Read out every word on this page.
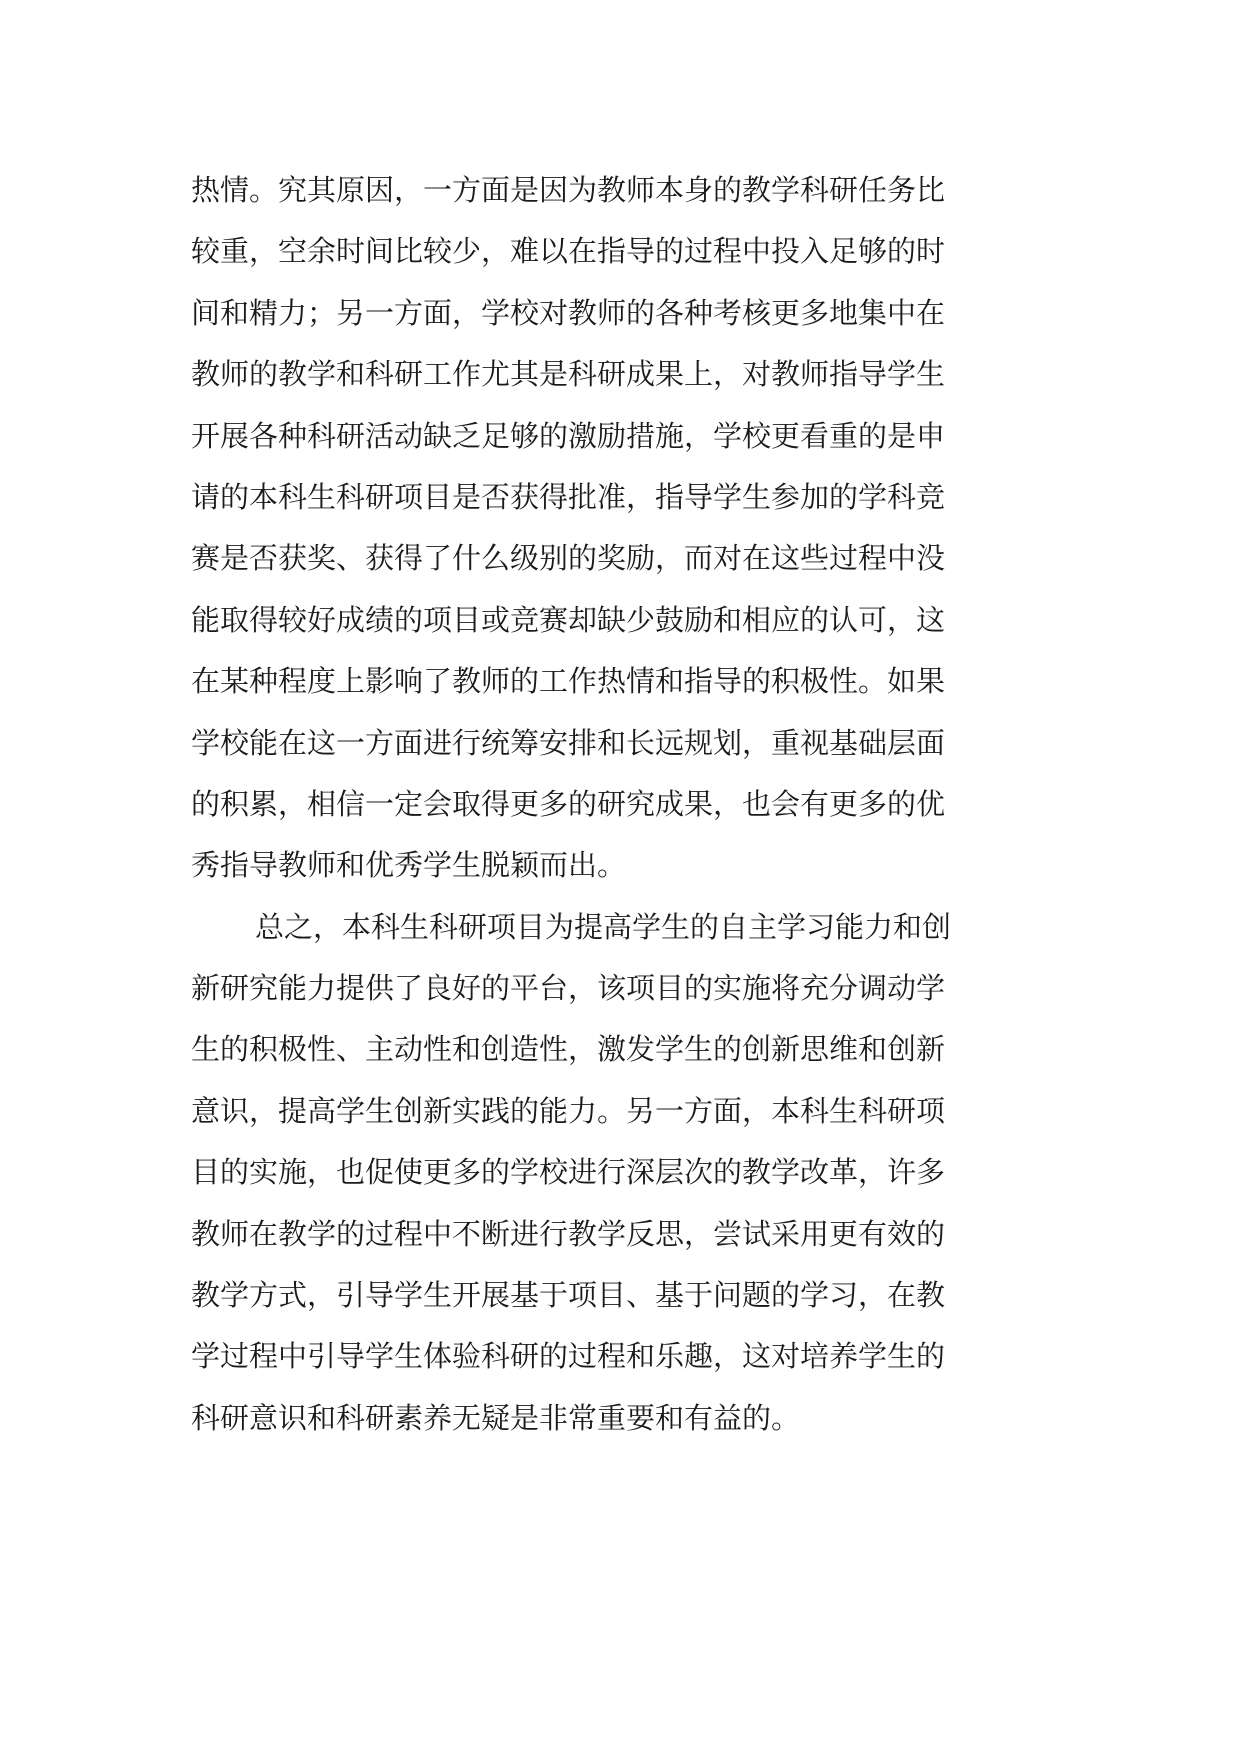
热情。究其原因，一方面是因为教师本身的教学科研任务比
较重，空余时间比较少，难以在指导的过程中投入足够的时
间和精力；另一方面，学校对教师的各种考核更多地集中在
教师的教学和科研工作尤其是科研成果上，对教师指导学生
开展各种科研活动缺乏足够的激励措施，学校更看重的是申
请的本科生科研项目是否获得批准，指导学生参加的学科竞
赛是否获奖、获得了什么级别的奖励，而对在这些过程中没
能取得较好成绩的项目或竞赛却缺少鼓励和相应的认可，这
在某种程度上影响了教师的工作热情和指导的积极性。如果
学校能在这一方面进行统筹安排和长远规划，重视基础层面
的积累，相信一定会取得更多的研究成果，也会有更多的优
秀指导教师和优秀学生脱颖而出。
总之，本科生科研项目为提高学生的自主学习能力和创
新研究能力提供了良好的平台，该项目的实施将充分调动学
生的积极性、主动性和创造性，激发学生的创新思维和创新
意识，提高学生创新实践的能力。另一方面，本科生科研项
目的实施，也促使更多的学校进行深层次的教学改革，许多
教师在教学的过程中不断进行教学反思，尝试采用更有效的
教学方式，引导学生开展基于项目、基于问题的学习，在教
学过程中引导学生体验科研的过程和乐趣，这对培养学生的
科研意识和科研素养无疑是非常重要和有益的。
